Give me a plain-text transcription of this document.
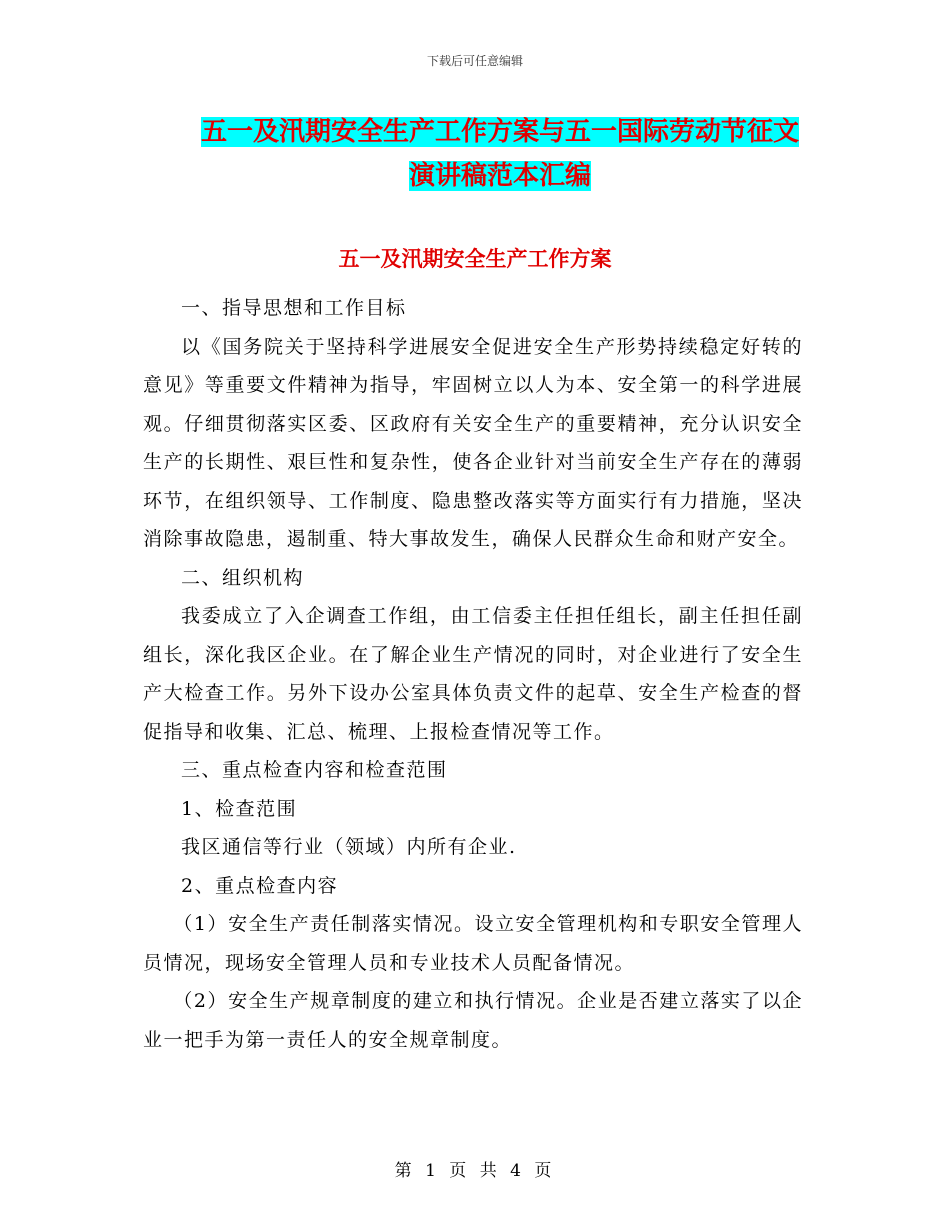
下载后可任意编辑
五一及汛期安全生产工作方案与五一国际劳动节征文
演讲稿范本汇编
五一及汛期安全生产工作方案

一、指导思想和工作目标

以《国务院关于坚持科学进展安全促进安全生产形势持续稳定好转的意见》等重要文件精神为指导，牢固树立以人为本、安全第一的科学进展观。仔细贯彻落实区委、区政府有关安全生产的重要精神，充分认识安全生产的长期性、艰巨性和复杂性，使各企业针对当前安全生产存在的薄弱环节，在组织领导、工作制度、隐患整改落实等方面实行有力措施，坚决消除事故隐患，遏制重、特大事故发生，确保人民群众生命和财产安全。

二、组织机构

我委成立了入企调查工作组，由工信委主任担任组长，副主任担任副组长，深化我区企业。在了解企业生产情况的同时，对企业进行了安全生产大检查工作。另外下设办公室具体负责文件的起草、安全生产检查的督促指导和收集、汇总、梳理、上报检查情况等工作。

三、重点检查内容和检查范围

1、检查范围

我区通信等行业（领域）内所有企业.

2、重点检查内容

（1）安全生产责任制落实情况。设立安全管理机构和专职安全管理人员情况，现场安全管理人员和专业技术人员配备情况。

（2）安全生产规章制度的建立和执行情况。企业是否建立落实了以企业一把手为第一责任人的安全规章制度。

第 1 页 共 4 页
